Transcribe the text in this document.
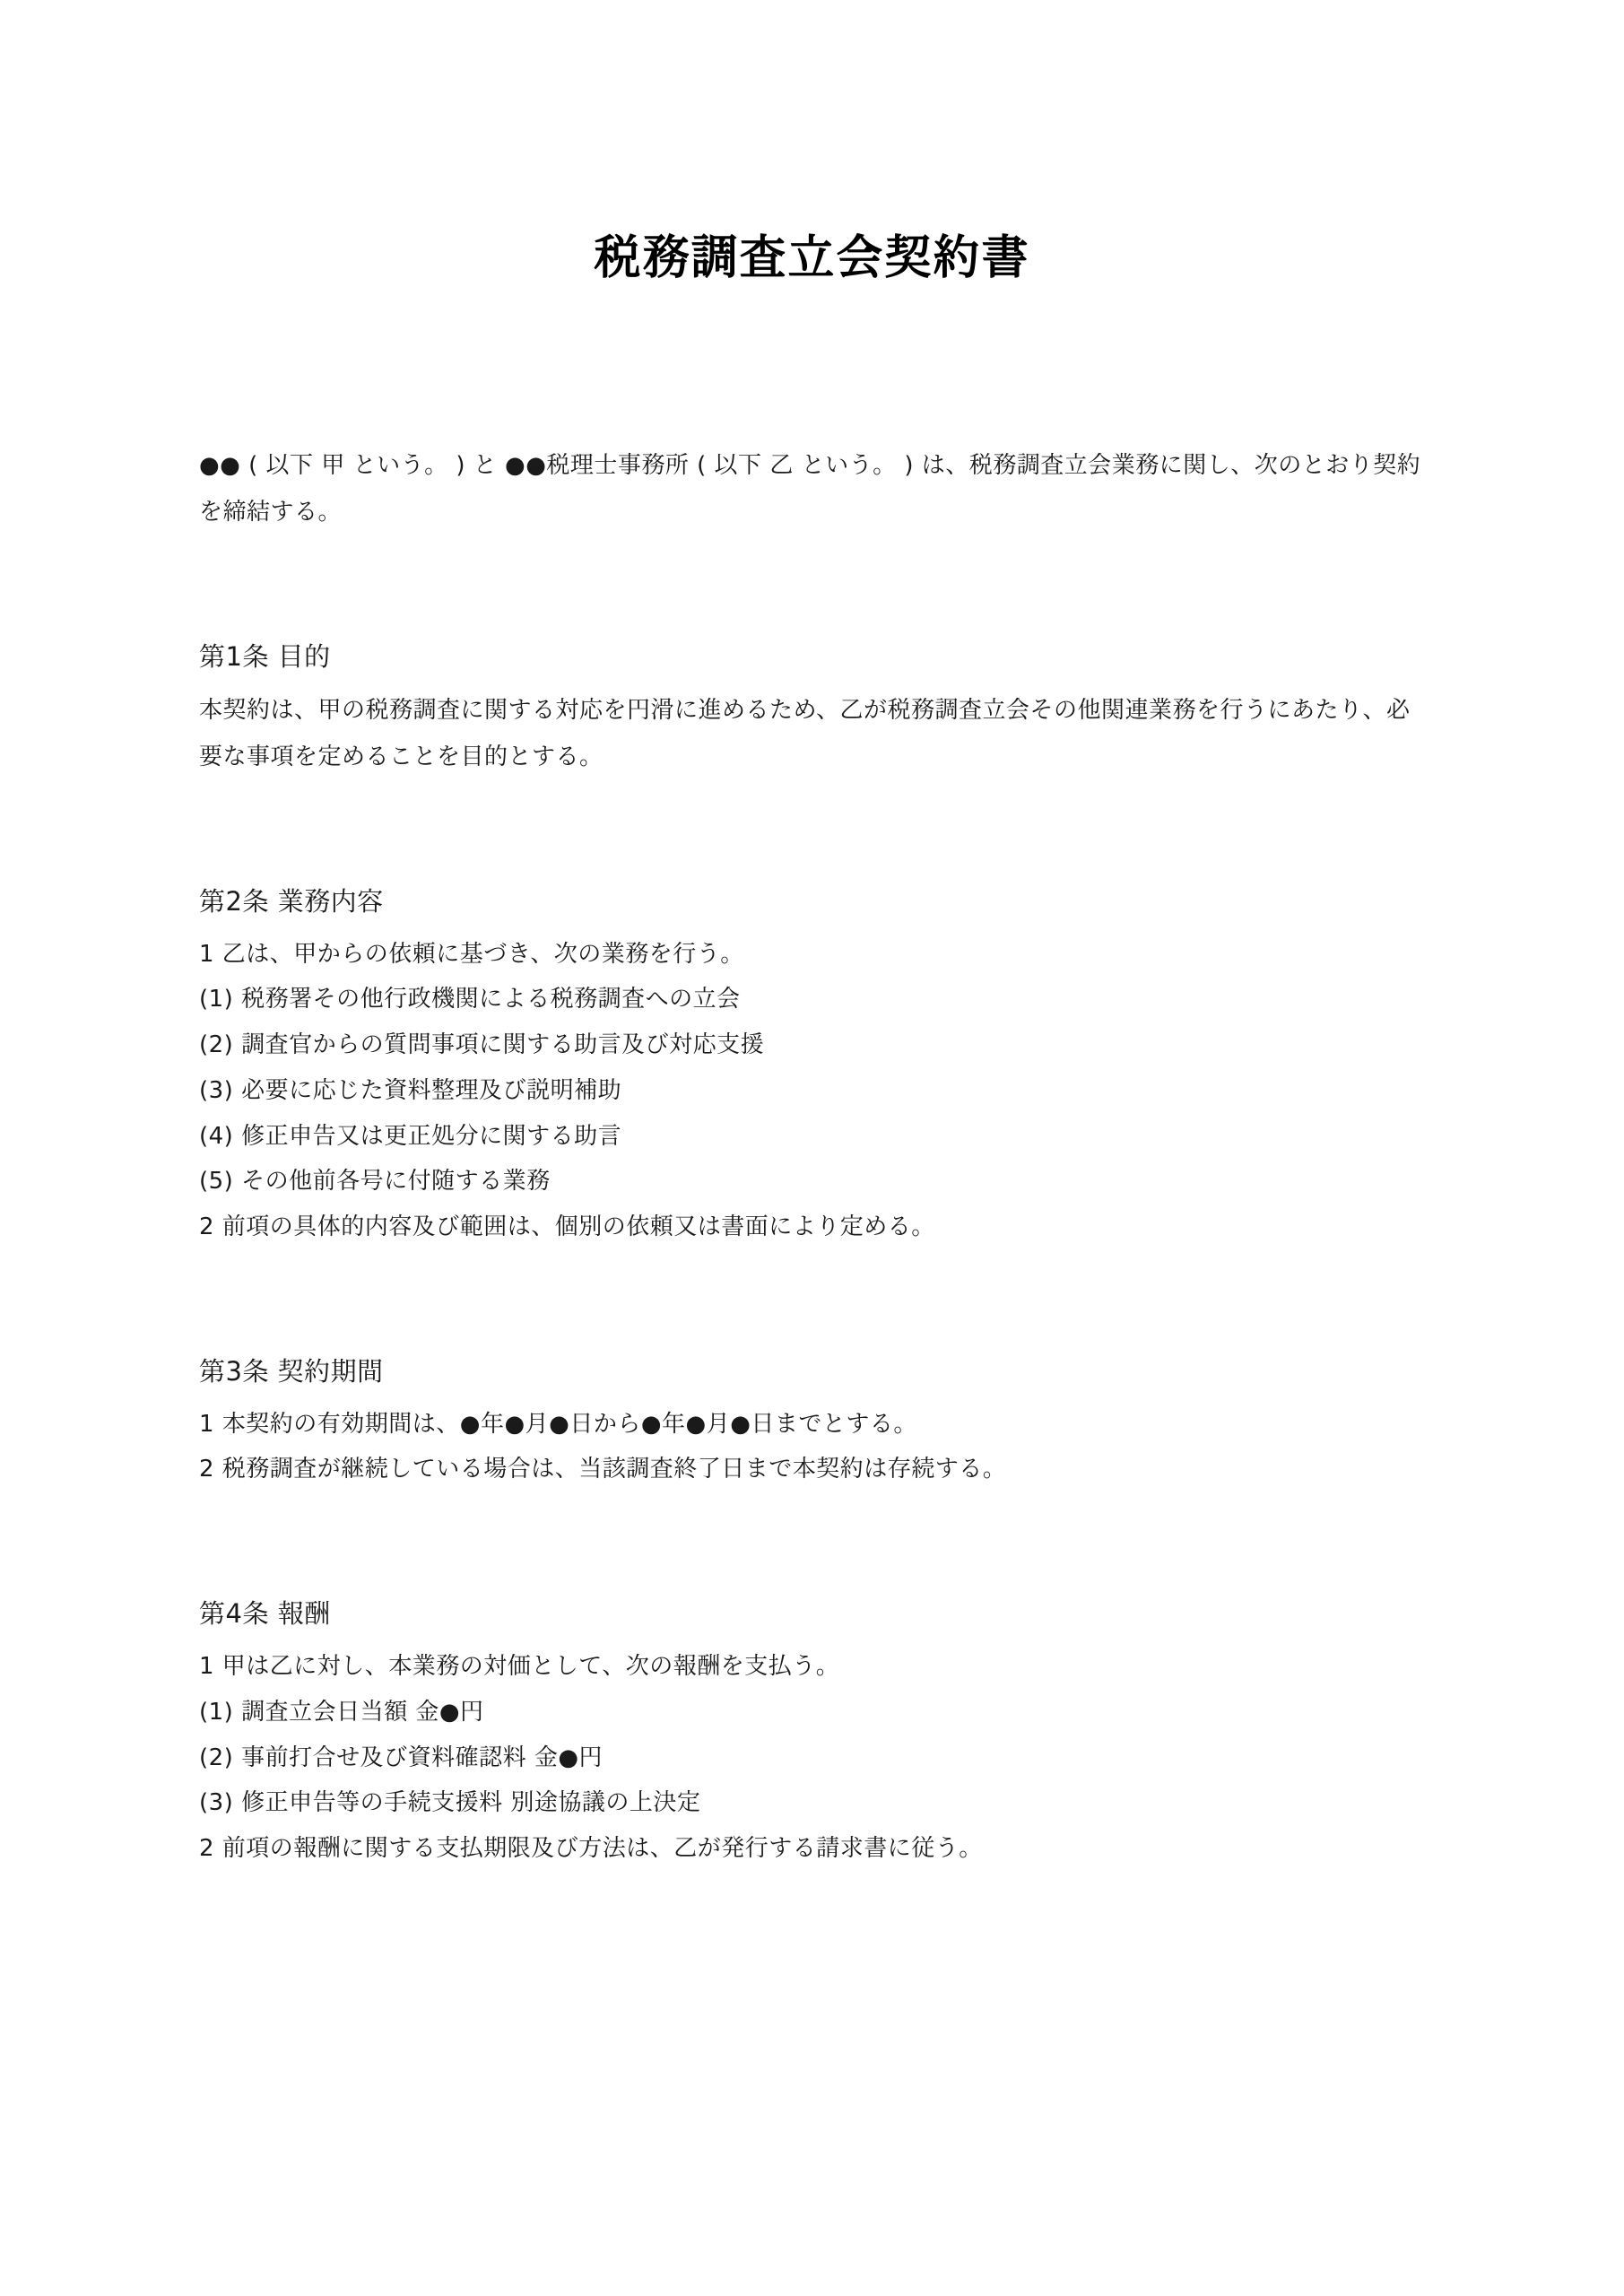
税務調査立会契約書

●● ( 以下 甲 という。 ) と ●●税理士事務所 ( 以下 乙 という。 ) は、税務調査立会業務に関し、次のとおり契約を締結する。

第1条 目的

本契約は、甲の税務調査に関する対応を円滑に進めるため、乙が税務調査立会その他関連業務を行うにあたり、必要な事項を定めることを目的とする。

第2条 業務内容

1 乙は、甲からの依頼に基づき、次の業務を行う。

(1) 税務署その他行政機関による税務調査への立会

(2) 調査官からの質問事項に関する助言及び対応支援

(3) 必要に応じた資料整理及び説明補助

(4) 修正申告又は更正処分に関する助言

(5) その他前各号に付随する業務

2 前項の具体的内容及び範囲は、個別の依頼又は書面により定める。

第3条 契約期間

1 本契約の有効期間は、●年●月●日から●年●月●日までとする。

2 税務調査が継続している場合は、当該調査終了日まで本契約は存続する。

第4条 報酬

1 甲は乙に対し、本業務の対価として、次の報酬を支払う。

(1) 調査立会日当額 金●円

(2) 事前打合せ及び資料確認料 金●円

(3) 修正申告等の手続支援料 別途協議の上決定

2 前項の報酬に関する支払期限及び方法は、乙が発行する請求書に従う。
